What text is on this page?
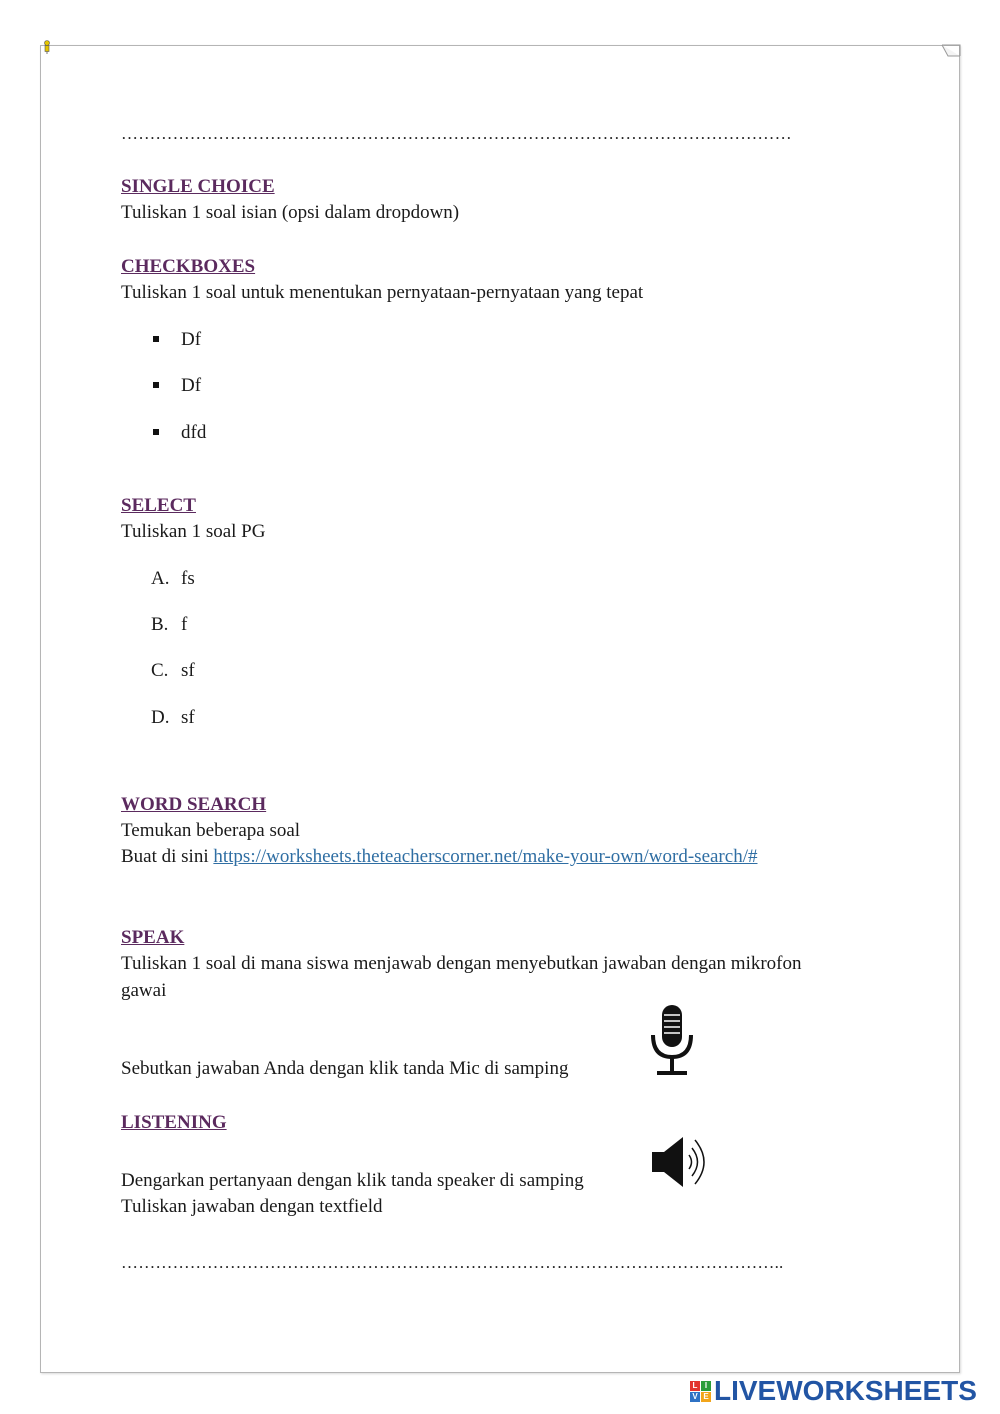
………………………………………………………………………………………………………
SINGLE CHOICE
Tuliskan 1 soal isian (opsi dalam dropdown)
CHECKBOXES
Tuliskan 1 soal untuk menentukan pernyataan-pernyataan yang tepat
Df
Df
dfd
SELECT
Tuliskan 1 soal PG
A. fs
B. f
C. sf
D. sf
WORD SEARCH
Temukan beberapa soal
Buat di sini https://worksheets.theteacherscorner.net/make-your-own/word-search/#
SPEAK
Tuliskan 1 soal di mana siswa menjawab dengan menyebutkan jawaban dengan mikrofon
gawai
Sebutkan jawaban Anda dengan klik tanda Mic di samping
LISTENING
Dengarkan pertanyaan dengan klik tanda speaker di samping
Tuliskan jawaban dengan textfield
……………………………………………………………………………………………………..
L I
V E LIVEWORKSHEETS
